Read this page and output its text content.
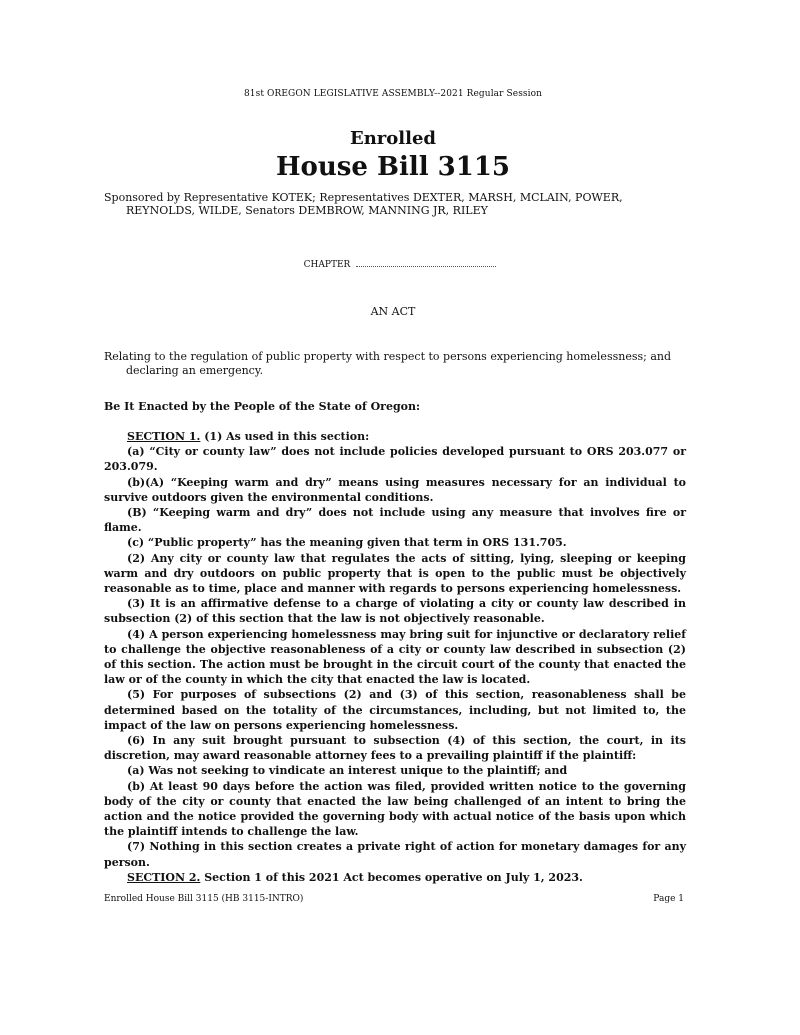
81st OREGON LEGISLATIVE ASSEMBLY--2021 Regular Session
Enrolled
House Bill 3115
Sponsored by Representative KOTEK; Representatives DEXTER, MARSH, MCLAIN, POWER,
REYNOLDS, WILDE, Senators DEMBROW, MANNING JR, RILEY
CHAPTER
AN ACT
Relating to the regulation of public property with respect to persons experiencing homelessness; and
declaring an emergency.
Be It Enacted by the People of the State of Oregon:

SECTION 1. (1) As used in this section:

(a) “City or county law” does not include policies developed pursuant to ORS 203.077 or 203.079.

(b)(A) “Keeping warm and dry” means using measures necessary for an individual to survive outdoors given the environmental conditions.

(B) “Keeping warm and dry” does not include using any measure that involves fire or flame.

(c) “Public property” has the meaning given that term in ORS 131.705.

(2) Any city or county law that regulates the acts of sitting, lying, sleeping or keeping warm and dry outdoors on public property that is open to the public must be objectively reasonable as to time, place and manner with regards to persons experiencing homelessness.

(3) It is an affirmative defense to a charge of violating a city or county law described in subsection (2) of this section that the law is not objectively reasonable.

(4) A person experiencing homelessness may bring suit for injunctive or declaratory relief to challenge the objective reasonableness of a city or county law described in subsection (2) of this section. The action must be brought in the circuit court of the county that enacted the law or of the county in which the city that enacted the law is located.

(5) For purposes of subsections (2) and (3) of this section, reasonableness shall be determined based on the totality of the circumstances, including, but not limited to, the impact of the law on persons experiencing homelessness.

(6) In any suit brought pursuant to subsection (4) of this section, the court, in its discretion, may award reasonable attorney fees to a prevailing plaintiff if the plaintiff:

(a) Was not seeking to vindicate an interest unique to the plaintiff; and

(b) At least 90 days before the action was filed, provided written notice to the governing body of the city or county that enacted the law being challenged of an intent to bring the action and the notice provided the governing body with actual notice of the basis upon which the plaintiff intends to challenge the law.

(7) Nothing in this section creates a private right of action for monetary damages for any person.

SECTION 2. Section 1 of this 2021 Act becomes operative on July 1, 2023.

Enrolled House Bill 3115 (HB 3115-INTRO)	Page 1
